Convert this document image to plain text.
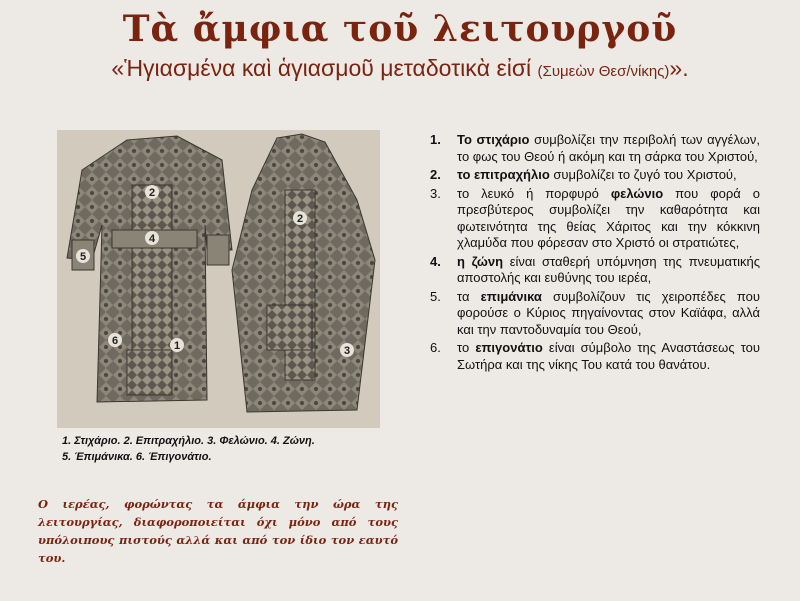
Τὰ ἄμφια τοῦ λειτουργοῦ
«Ἡγιασμένα καὶ ἁγιασμοῦ μεταδοτικὰ εἰσί (Συμεὼν Θεσ/νίκης)».
2
4
5
1
6
2
3
1. Στιχάριο. 2. Επιτραχήλιο. 3. Φελώνιο. 4. Ζώνη.
5. Έπιμάνικα. 6. Έπιγονάτιο.
Ο ιερέας, φορώντας τα άμφια την ώρα της λειτουργίας, διαφοροποιείται όχι μόνο από τους υπόλοιπους πιστούς αλλά και από τον ίδιο τον εαυτό του.
1. Το στιχάριο συμβολίζει την περιβολή των αγγέλων, το φως του Θεού ή ακόμη και τη σάρκα του Χριστού,
2. το επιτραχήλιο συμβολίζει το ζυγό του Χριστού,
3. το λευκό ή πορφυρό φελώνιο που φορά ο πρεσβύτερος συμβολίζει την καθαρότητα και φωτεινότητα της θείας Χάριτος και την κόκκινη χλαμύδα που φόρεσαν στο Χριστό οι στρατιώτες,
4. η ζώνη είναι σταθερή υπόμνηση της πνευματικής αποστολής και ευθύνης του ιερέα,
5. τα επιμάνικα συμβολίζουν τις χειροπέδες που φορούσε ο Κύριος πηγαίνοντας στον Καϊάφα, αλλά και την παντοδυναμία του Θεού,
6. το επιγονάτιο είναι σύμβολο της Αναστάσεως του Σωτήρα και της νίκης Του κατά του θανάτου.
